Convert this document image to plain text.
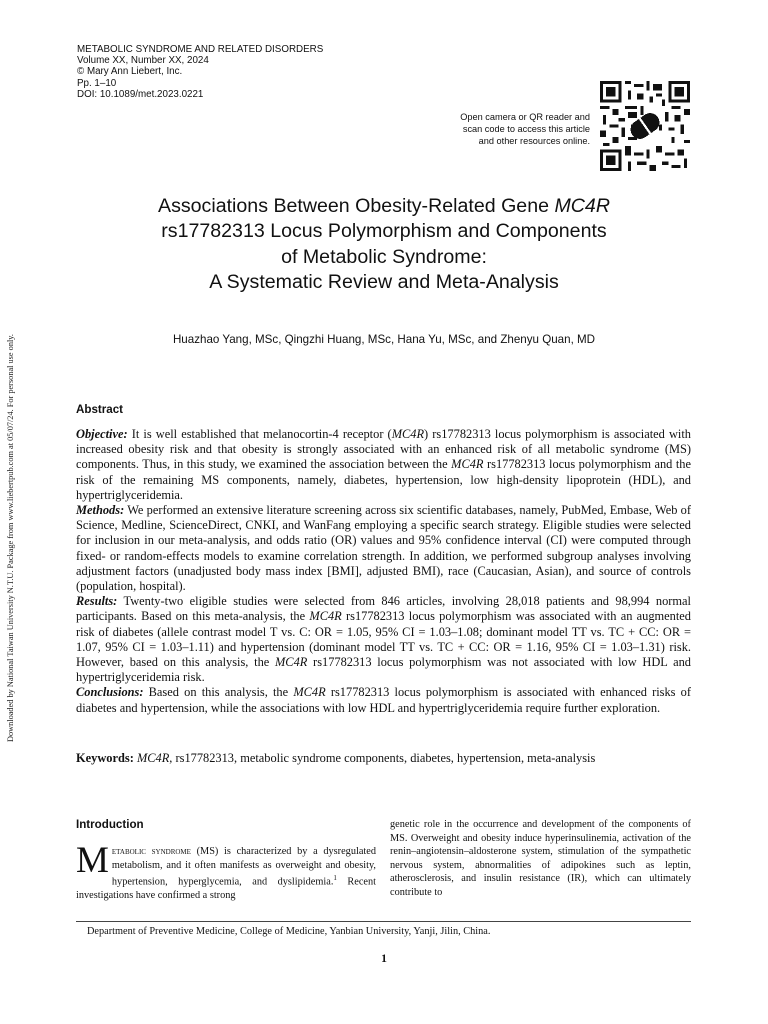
Downloaded by National Taiwan University N.T.U. Package from www.liebertpub.com at 05/07/24. For personal use only.
METABOLIC SYNDROME AND RELATED DISORDERS
Volume XX, Number XX, 2024
© Mary Ann Liebert, Inc.
Pp. 1–10
DOI: 10.1089/met.2023.0221
Open camera or QR reader and
scan code to access this article
and other resources online.
Associations Between Obesity-Related Gene MC4R
rs17782313 Locus Polymorphism and Components
of Metabolic Syndrome:
A Systematic Review and Meta-Analysis
Huazhao Yang, MSc, Qingzhi Huang, MSc, Hana Yu, MSc, and Zhenyu Quan, MD
Abstract

Objective: It is well established that melanocortin-4 receptor (MC4R) rs17782313 locus polymorphism is associated with increased obesity risk and that obesity is strongly associated with an enhanced risk of all metabolic syndrome (MS) components. Thus, in this study, we examined the association between the MC4R rs17782313 locus polymorphism and the risk of the remaining MS components, namely, diabetes, hypertension, low high-density lipoprotein (HDL), and hypertriglyceridemia.

Methods: We performed an extensive literature screening across six scientific databases, namely, PubMed, Embase, Web of Science, Medline, ScienceDirect, CNKI, and WanFang employing a specific search strategy. Eligible studies were selected for inclusion in our meta-analysis, and odds ratio (OR) values and 95% confidence interval (CI) were computed through fixed- or random-effects models to examine correlation strength. In addition, we performed subgroup analyses involving adjustment factors (unadjusted body mass index [BMI], adjusted BMI), race (Caucasian, Asian), and source of controls (population, hospital).

Results: Twenty-two eligible studies were selected from 846 articles, involving 28,018 patients and 98,994 normal participants. Based on this meta-analysis, the MC4R rs17782313 locus polymorphism was associated with an augmented risk of diabetes (allele contrast model T vs. C: OR = 1.05, 95% CI = 1.03–1.08; dominant model TT vs. TC + CC: OR = 1.07, 95% CI = 1.03–1.11) and hypertension (dominant model TT vs. TC + CC: OR = 1.16, 95% CI = 1.03–1.31) risk. However, based on this analysis, the MC4R rs17782313 locus polymorphism was not associated with low HDL and hypertriglyceridemia risk.

Conclusions: Based on this analysis, the MC4R rs17782313 locus polymorphism is associated with enhanced risks of diabetes and hypertension, while the associations with low HDL and hypertriglyceridemia require further exploration.

Keywords: MC4R, rs17782313, metabolic syndrome components, diabetes, hypertension, meta-analysis
Introduction
Metabolic syndrome (MS) is characterized by a dysregulated metabolism, and it often manifests as overweight and obesity, hypertension, hyperglycemia, and dyslipidemia.$^1$ Recent investigations have confirmed a strong
genetic role in the occurrence and development of the components of MS. Overweight and obesity induce hyperinsulinemia, activation of the renin–angiotensin–aldosterone system, stimulation of the sympathetic nervous system, abnormalities of adipokines such as leptin, atherosclerosis, and insulin resistance (IR), which can ultimately contribute to
Department of Preventive Medicine, College of Medicine, Yanbian University, Yanji, Jilin, China.
1
